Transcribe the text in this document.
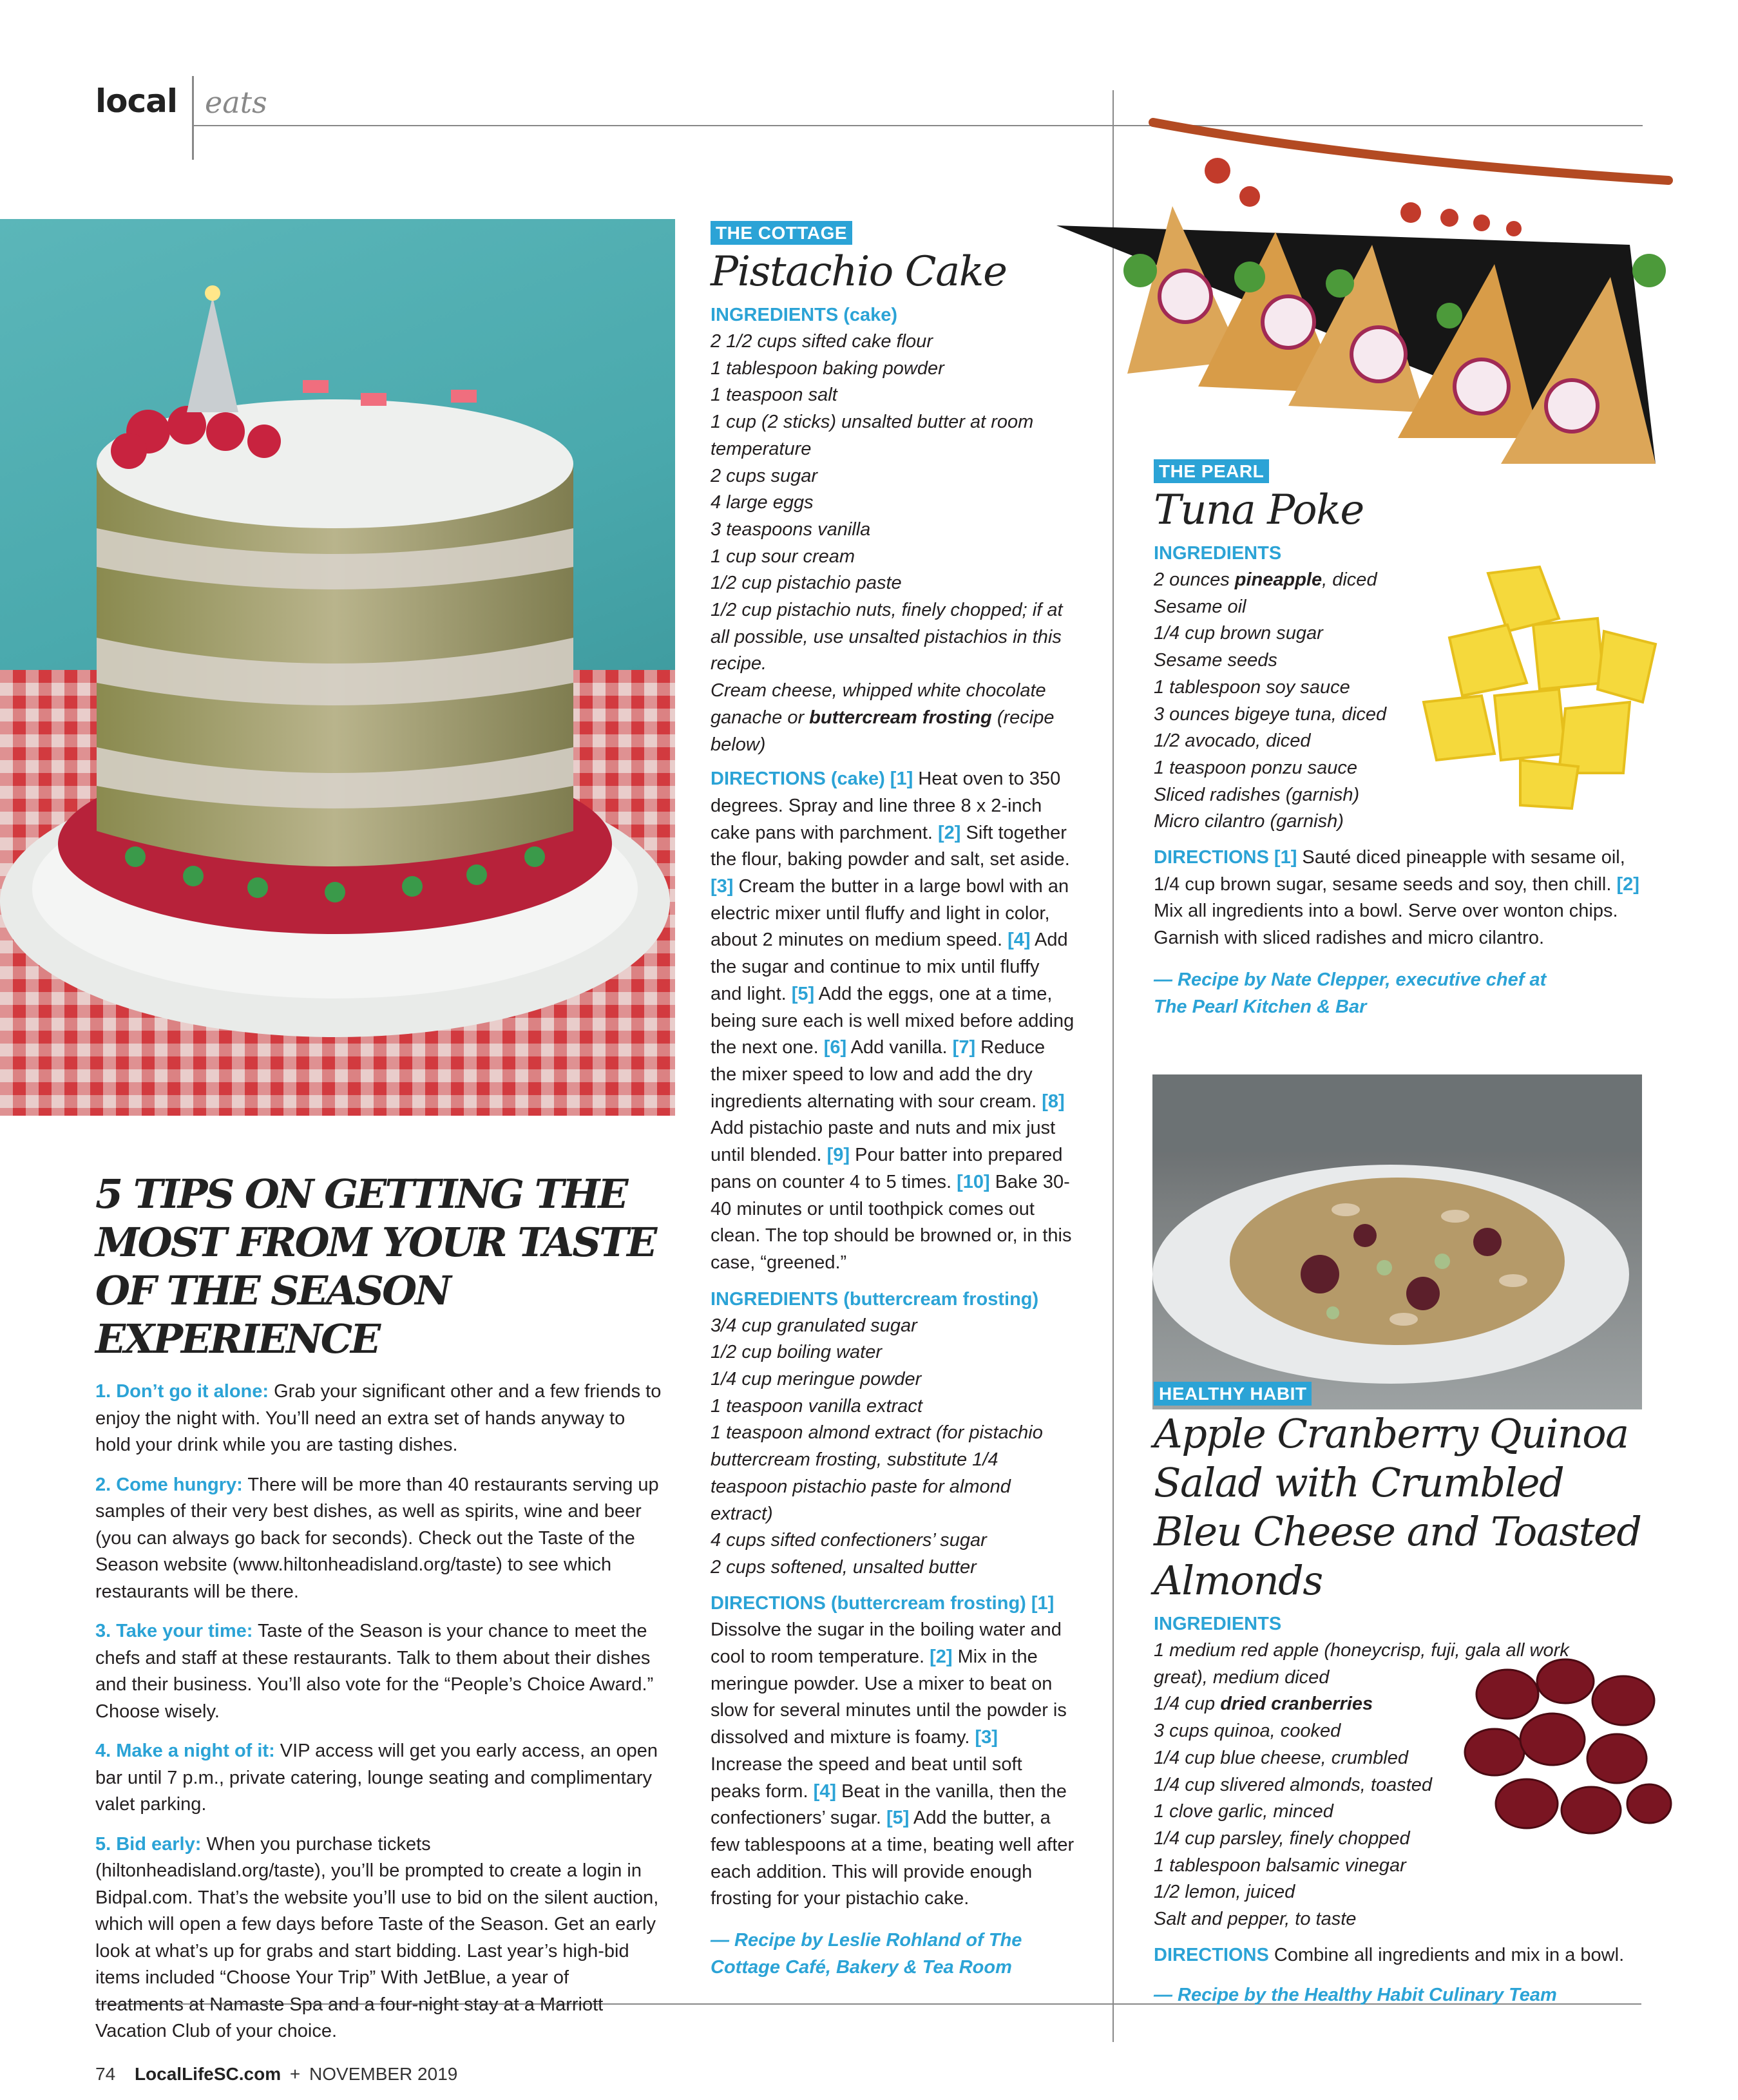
local eats
5 TIPS ON GETTING THE MOST FROM YOUR TASTE OF THE SEASON EXPERIENCE

1. Don’t go it alone: Grab your significant other and a few friends to enjoy the night with. You’ll need an extra set of hands anyway to hold your drink while you are tasting dishes.

2. Come hungry: There will be more than 40 restaurants serving up samples of their very best dishes, as well as spirits, wine and beer (you can always go back for seconds). Check out the Taste of the Season website (www.hiltonheadisland.org/taste) to see which restaurants will be there.

3. Take your time: Taste of the Season is your chance to meet the chefs and staff at these restaurants. Talk to them about their dishes and their business. You’ll also vote for the “People’s Choice Award.” Choose wisely.

4. Make a night of it: VIP access will get you early access, an open bar until 7 p.m., private catering, lounge seating and complimentary valet parking.

5. Bid early: When you purchase tickets (hiltonheadisland.org/taste), you’ll be prompted to create a login in Bidpal.com. That’s the website you’ll use to bid on the silent auction, which will open a few days before Taste of the Season. Get an early look at what’s up for grabs and start bidding. Last year’s high-bid items included “Choose Your Trip” With JetBlue, a year of treatments at Namaste Spa and a four-night stay at a Marriott Vacation Club of your choice.

THE COTTAGE
Pistachio Cake
INGREDIENTS (cake)
2 1/2 cups sifted cake flour
1 tablespoon baking powder
1 teaspoon salt
1 cup (2 sticks) unsalted butter at room temperature
2 cups sugar
4 large eggs
3 teaspoons vanilla
1 cup sour cream
1/2 cup pistachio paste
1/2 cup pistachio nuts, finely chopped; if at all possible, use unsalted pistachios in this recipe.
Cream cheese, whipped white chocolate ganache or buttercream frosting (recipe below)
DIRECTIONS (cake) [1] Heat oven to 350 degrees. Spray and line three 8 x 2-inch cake pans with parchment. [2] Sift together the flour, baking powder and salt, set aside. [3] Cream the butter in a large bowl with an electric mixer until fluffy and light in color, about 2 minutes on medium speed. [4] Add the sugar and continue to mix until fluffy and light. [5] Add the eggs, one at a time, being sure each is well mixed before adding the next one. [6] Add vanilla. [7] Reduce the mixer speed to low and add the dry ingredients alternating with sour cream. [8] Add pistachio paste and nuts and mix just until blended. [9] Pour batter into prepared pans on counter 4 to 5 times. [10] Bake 30-40 minutes or until toothpick comes out clean. The top should be browned or, in this case, “greened.”
INGREDIENTS (buttercream frosting)
3/4 cup granulated sugar
1/2 cup boiling water
1/4 cup meringue powder
1 teaspoon vanilla extract
1 teaspoon almond extract (for pistachio buttercream frosting, substitute 1/4 teaspoon pistachio paste for almond extract)
4 cups sifted confectioners’ sugar
2 cups softened, unsalted butter
DIRECTIONS (buttercream frosting) [1] Dissolve the sugar in the boiling water and cool to room temperature. [2] Mix in the meringue powder. Use a mixer to beat on slow for several minutes until the powder is dissolved and mixture is foamy. [3] Increase the speed and beat until soft peaks form. [4] Beat in the vanilla, then the confectioners’ sugar. [5] Add the butter, a few tablespoons at a time, beating well after each addition. This will provide enough frosting for your pistachio cake.
— Recipe by Leslie Rohland of The Cottage Café, Bakery & Tea Room
THE PEARL
Tuna Poke
INGREDIENTS
2 ounces pineapple, diced
Sesame oil
1/4 cup brown sugar
Sesame seeds
1 tablespoon soy sauce
3 ounces bigeye tuna, diced
1/2 avocado, diced
1 teaspoon ponzu sauce
Sliced radishes (garnish)
Micro cilantro (garnish)
DIRECTIONS [1] Sauté diced pineapple with sesame oil, 1/4 cup brown sugar, sesame seeds and soy, then chill. [2] Mix all ingredients into a bowl. Serve over wonton chips. Garnish with sliced radishes and micro cilantro.
— Recipe by Nate Clepper, executive chef at The Pearl Kitchen & Bar
HEALTHY HABIT
Apple Cranberry Quinoa Salad with Crumbled Bleu Cheese and Toasted Almonds
INGREDIENTS
1 medium red apple (honeycrisp, fuji, gala all work great), medium diced
1/4 cup dried cranberries
3 cups quinoa, cooked
1/4 cup blue cheese, crumbled
1/4 cup slivered almonds, toasted
1 clove garlic, minced
1/4 cup parsley, finely chopped
1 tablespoon balsamic vinegar
1/2 lemon, juiced
Salt and pepper, to taste
DIRECTIONS Combine all ingredients and mix in a bowl.
— Recipe by the Healthy Habit Culinary Team
74 LocalLifeSC.com + NOVEMBER 2019
